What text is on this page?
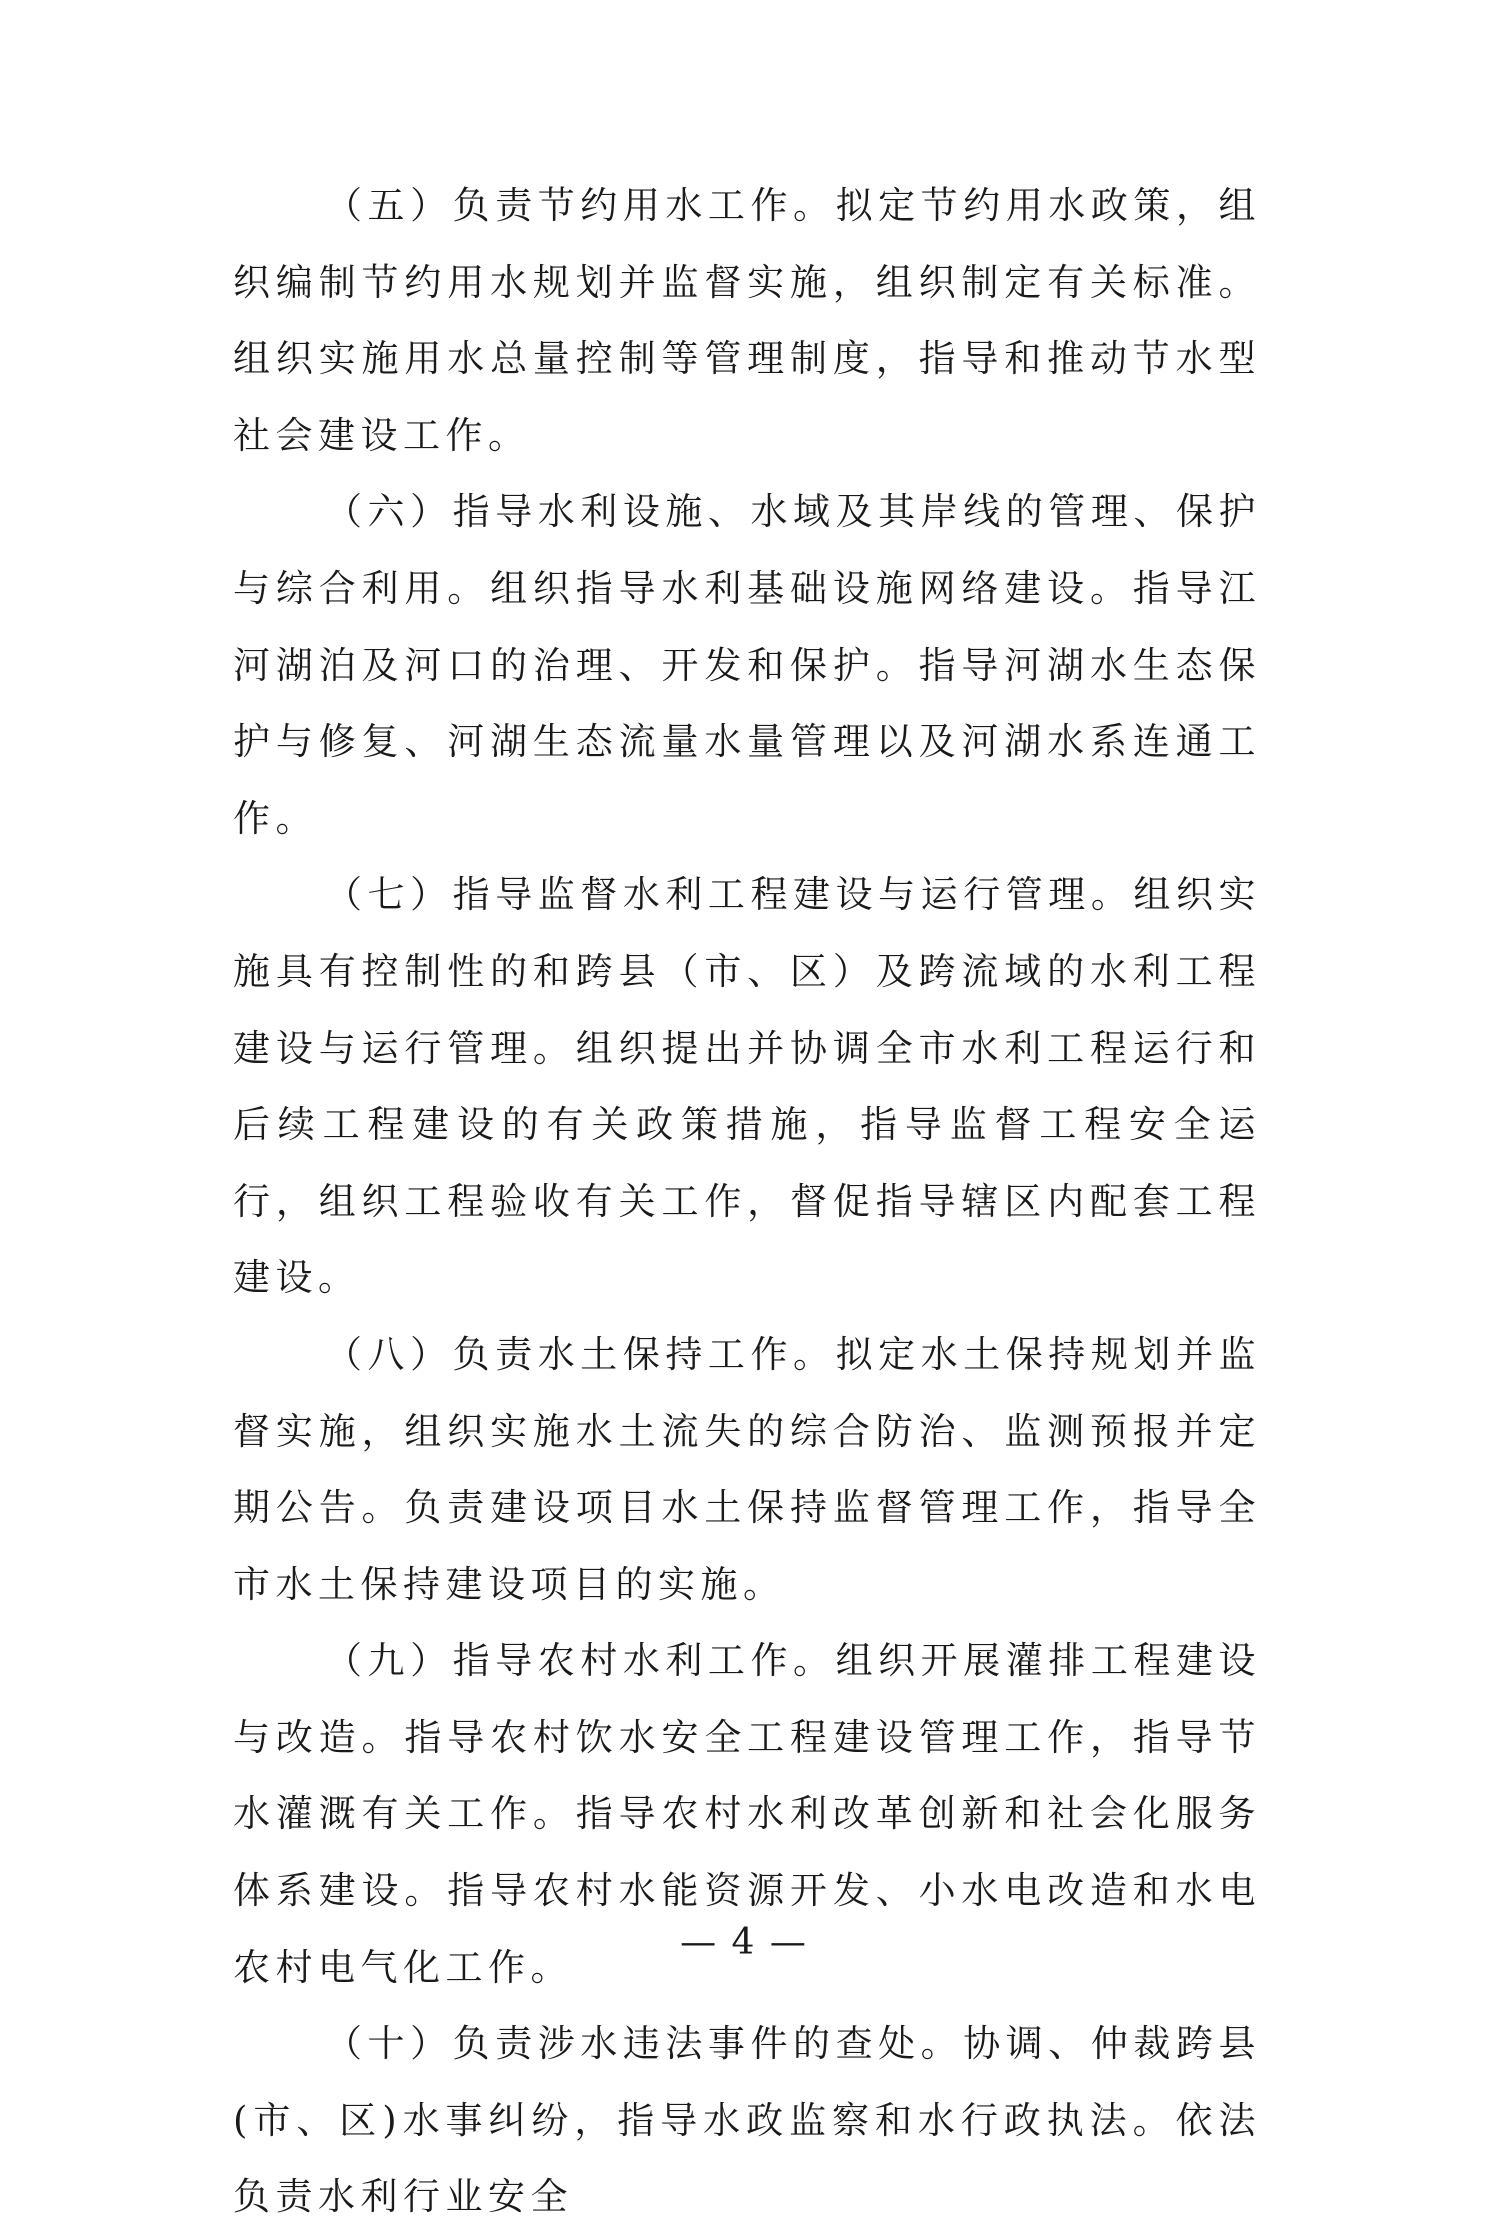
（五）负责节约用水工作。拟定节约用水政策，组织编制节约用水规划并监督实施，组织制定有关标准。组织实施用水总量控制等管理制度，指导和推动节水型社会建设工作。

（六）指导水利设施、水域及其岸线的管理、保护与综合利用。组织指导水利基础设施网络建设。指导江河湖泊及河口的治理、开发和保护。指导河湖水生态保护与修复、河湖生态流量水量管理以及河湖水系连通工作。

（七）指导监督水利工程建设与运行管理。组织实施具有控制性的和跨县（市、区）及跨流域的水利工程建设与运行管理。组织提出并协调全市水利工程运行和后续工程建设的有关政策措施，指导监督工程安全运行，组织工程验收有关工作，督促指导辖区内配套工程建设。

（八）负责水土保持工作。拟定水土保持规划并监督实施，组织实施水土流失的综合防治、监测预报并定期公告。负责建设项目水土保持监督管理工作，指导全市水土保持建设项目的实施。

（九）指导农村水利工作。组织开展灌排工程建设与改造。指导农村饮水安全工程建设管理工作，指导节水灌溉有关工作。指导农村水利改革创新和社会化服务体系建设。指导农村水能资源开发、小水电改造和水电农村电气化工作。

（十）负责涉水违法事件的查处。协调、仲裁跨县(市、区)水事纠纷，指导水政监察和水行政执法。依法负责水利行业安全

— 4 —
